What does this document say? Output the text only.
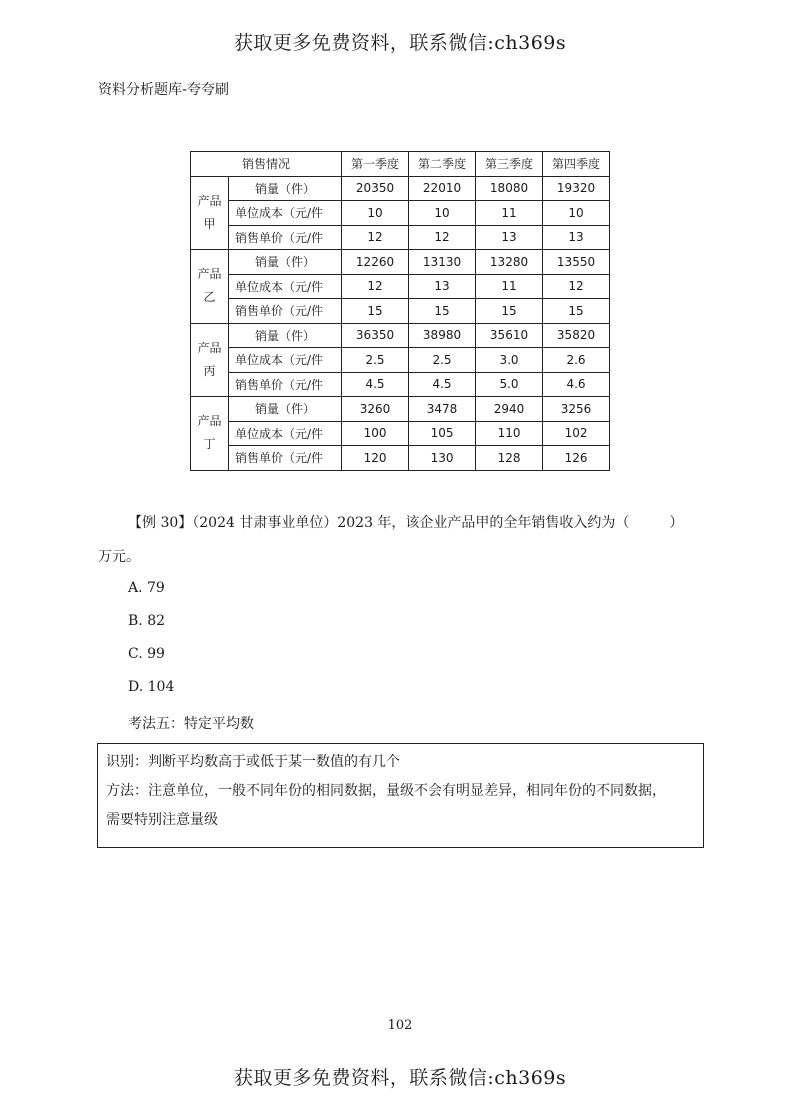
获取更多免费资料，联系微信:ch369s
资料分析题库-夸夸刷
销售情况		第一季度	第二季度	第三季度	第四季度

产品
甲	销量（件）	20350	22010	18080	19320
	单位成本（元/件	10	10	11	10
	销售单价（元/件	12	12	13	13

产品
乙	销量（件）	12260	13130	13280	13550
	单位成本（元/件	12	13	11	12
	销售单价（元/件	15	15	15	15

产品
丙	销量（件）	36350	38980	35610	35820
	单位成本（元/件	2.5	2.5	3.0	2.6
	销售单价（元/件	4.5	4.5	5.0	4.6

产品
丁	销量（件）	3260	3478	2940	3256
	单位成本（元/件	100	105	110	102
	销售单价（元/件	120	130	128	126
【例 30】（2024 甘肃事业单位）2023 年，该企业产品甲的全年销售收入约为（	）
万元。
A. 79
B. 82
C. 99
D. 104
考法五：特定平均数
识别：判断平均数高于或低于某一数值的有几个
方法：注意单位，一般不同年份的相同数据，量级不会有明显差异，相同年份的不同数据，
需要特别注意量级
102
获取更多免费资料，联系微信:ch369s
